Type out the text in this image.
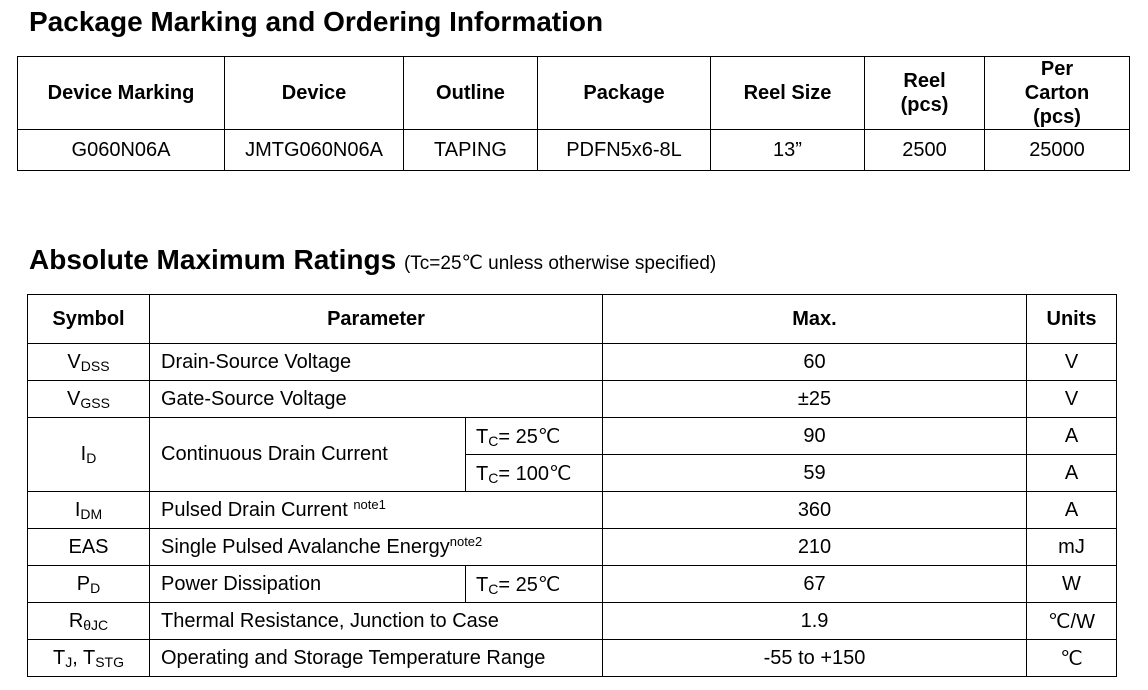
Package Marking and Ordering Information
Device Marking	Device	Outline	Package	Reel Size	Reel (pcs)	Per Carton (pcs)
G060N06A	JMTG060N06A	TAPING	PDFN5x6-8L	13”	2500	25000
Absolute Maximum Ratings (Tc=25℃ unless otherwise specified)
Symbol	Parameter		Max.	Units
$V_{DSS}$	Drain-Source Voltage		60	V
$V_{GSS}$	Gate-Source Voltage		±25	V
$I_D$	Continuous Drain Current	$T_C=$ 25℃	90	A
		$T_C=$ 100℃	59	A
$I_{DM}$	Pulsed Drain Current $^{note1}$		360	A
EAS	Single Pulsed Avalanche Energy$^{note2}$		210	mJ
$P_D$	Power Dissipation	$T_C=$ 25℃	67	W
$R_{\theta JC}$	Thermal Resistance, Junction to Case		1.9	℃/W
$T_J$, $T_{STG}$	Operating and Storage Temperature Range		-55 to +150	℃
